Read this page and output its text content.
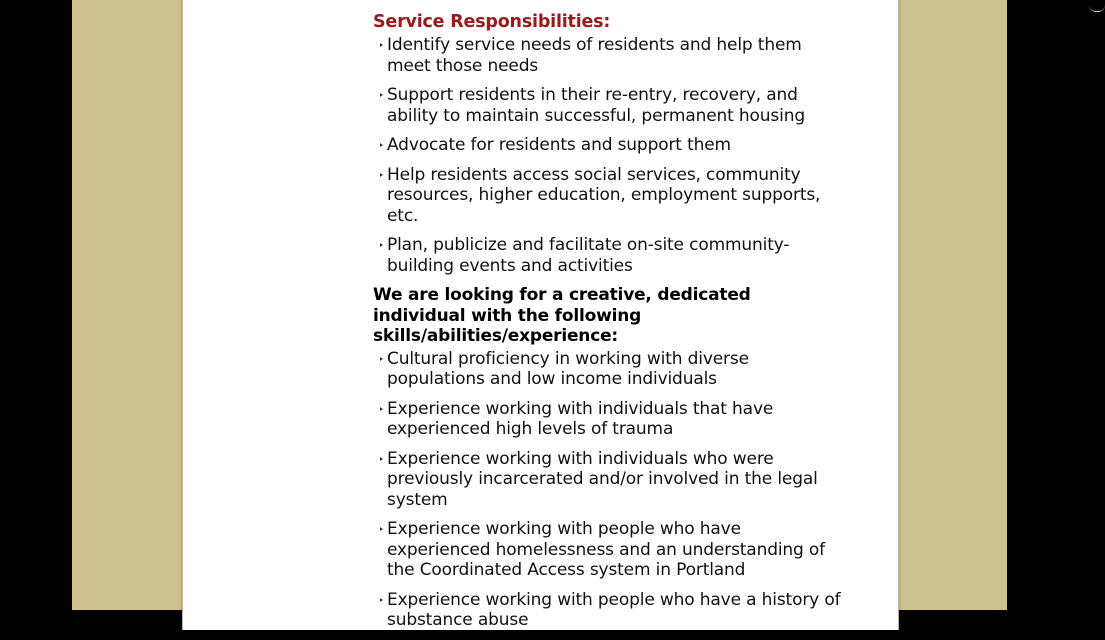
Service Responsibilities:
Identify service needs of residents and help them meet those needs
Support residents in their re-entry, recovery, and ability to maintain successful, permanent housing
Advocate for residents and support them
Help residents access social services, community resources, higher education, employment supports, etc.
Plan, publicize and facilitate on-site community-building events and activities
We are looking for a creative, dedicated individual with the following skills/abilities/experience:
Cultural proficiency in working with diverse populations and low income individuals
Experience working with individuals that have experienced high levels of trauma
Experience working with individuals who were previously incarcerated and/or involved in the legal system
Experience working with people who have experienced homelessness and an understanding of the Coordinated Access system in Portland
Experience working with people who have a history of substance abuse
